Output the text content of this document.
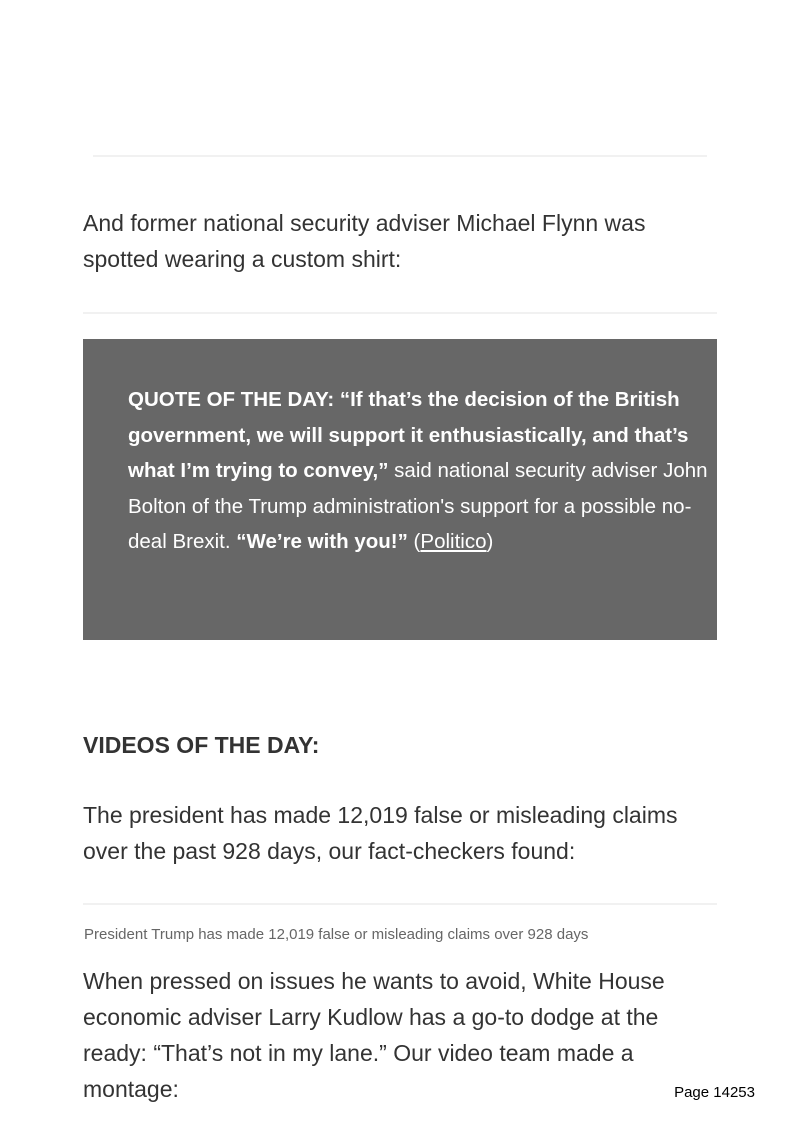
And former national security adviser Michael Flynn was spotted wearing a custom shirt:

QUOTE OF THE DAY: “If that’s the decision of the British government, we will support it enthusiastically, and that’s what I’m trying to convey,” said national security adviser John Bolton of the Trump administration's support for a possible no-deal Brexit. “We’re with you!” (Politico)

VIDEOS OF THE DAY:

The president has made 12,019 false or misleading claims over the past 928 days, our fact-checkers found:

President Trump has made 12,019 false or misleading claims over 928 days

When pressed on issues he wants to avoid, White House economic adviser Larry Kudlow has a go-to dodge at the ready: “That’s not in my lane.” Our video team made a montage:	Page 14253
